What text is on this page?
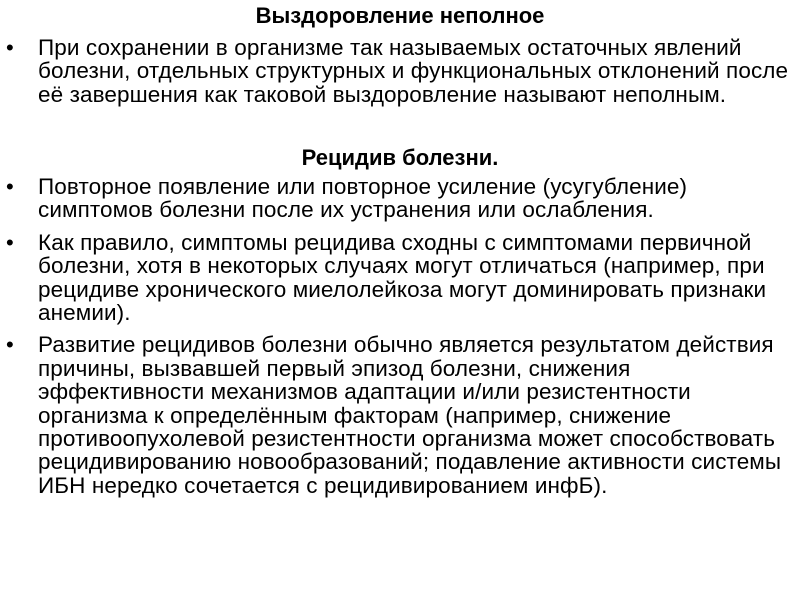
Выздоровление неполное
• При сохранении в организме так называемых остаточных явлений болезни, отдельных структурных и функциональных отклонений после её завершения как таковой выздоровление называют неполным.
Рецидив болезни.
• Повторное появление или повторное усиление (усугубление) симптомов болезни после их устранения или ослабления.
• Как правило, симптомы рецидива сходны с симптомами первичной болезни, хотя в некоторых случаях могут отличаться (например, при рецидиве хронического миелолейкоза могут доминировать признаки анемии).
• Развитие рецидивов болезни обычно является результатом действия причины, вызвавшей первый эпизод болезни, снижения эффективности механизмов адаптации и/или резистентности организма к определённым факторам (например, снижение противоопухолевой резистентности организма может способствовать рецидивированию новообразований; подавление активности системы ИБН нередко сочетается с рецидивированием инфБ).
